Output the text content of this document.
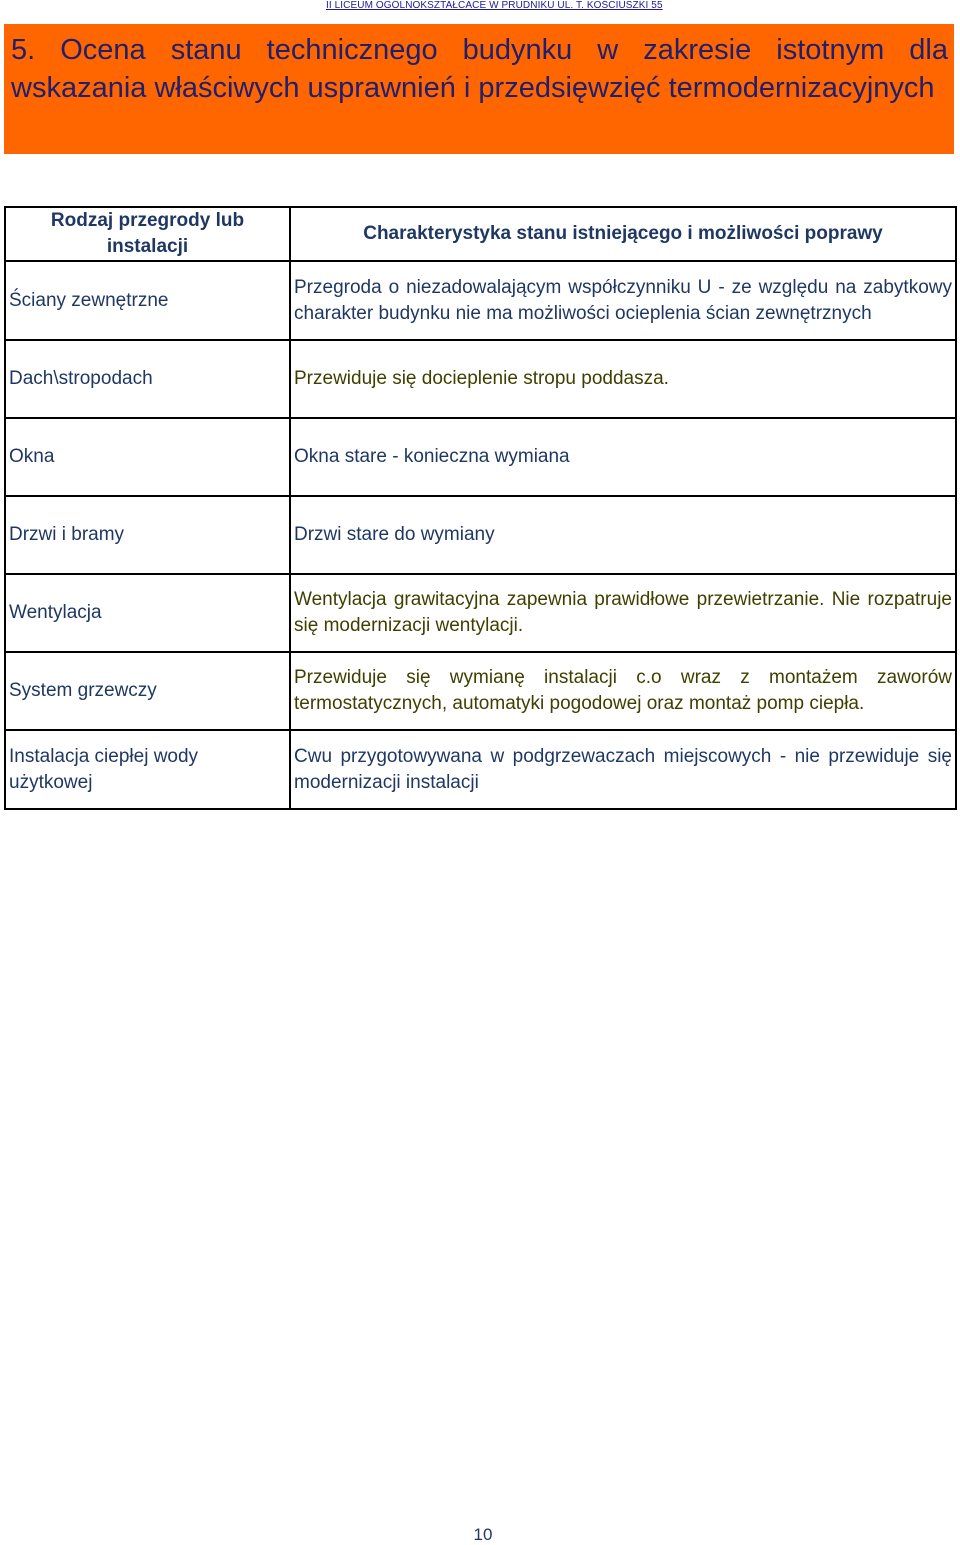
II LICEUM OGÓLNOKSZTAŁCACE W PRUDNIKU UL. T. KOŚCIUSZKI 55
5. Ocena stanu technicznego budynku w zakresie istotnym dla wskazania właściwych usprawnień i przedsięwzięć termodernizacyjnych
Rodzaj przegrody lub instalacji	Charakterystyka stanu istniejącego i możliwości poprawy
Ściany zewnętrzne	Przegroda o niezadowalającym współczynniku U - ze względu na zabytkowy charakter budynku nie ma możliwości ocieplenia ścian zewnętrznych
Dach\stropodach	Przewiduje się docieplenie stropu poddasza.
Okna	Okna stare - konieczna wymiana
Drzwi i bramy	Drzwi stare do wymiany
Wentylacja	Wentylacja grawitacyjna zapewnia prawidłowe przewietrzanie. Nie rozpatruje się modernizacji wentylacji.
System grzewczy	Przewiduje się wymianę instalacji c.o wraz z montażem zaworów termostatycznych, automatyki pogodowej oraz montaż pomp ciepła.
Instalacja ciepłej wody użytkowej	Cwu przygotowywana w podgrzewaczach miejscowych - nie przewiduje się modernizacji instalacji
10
